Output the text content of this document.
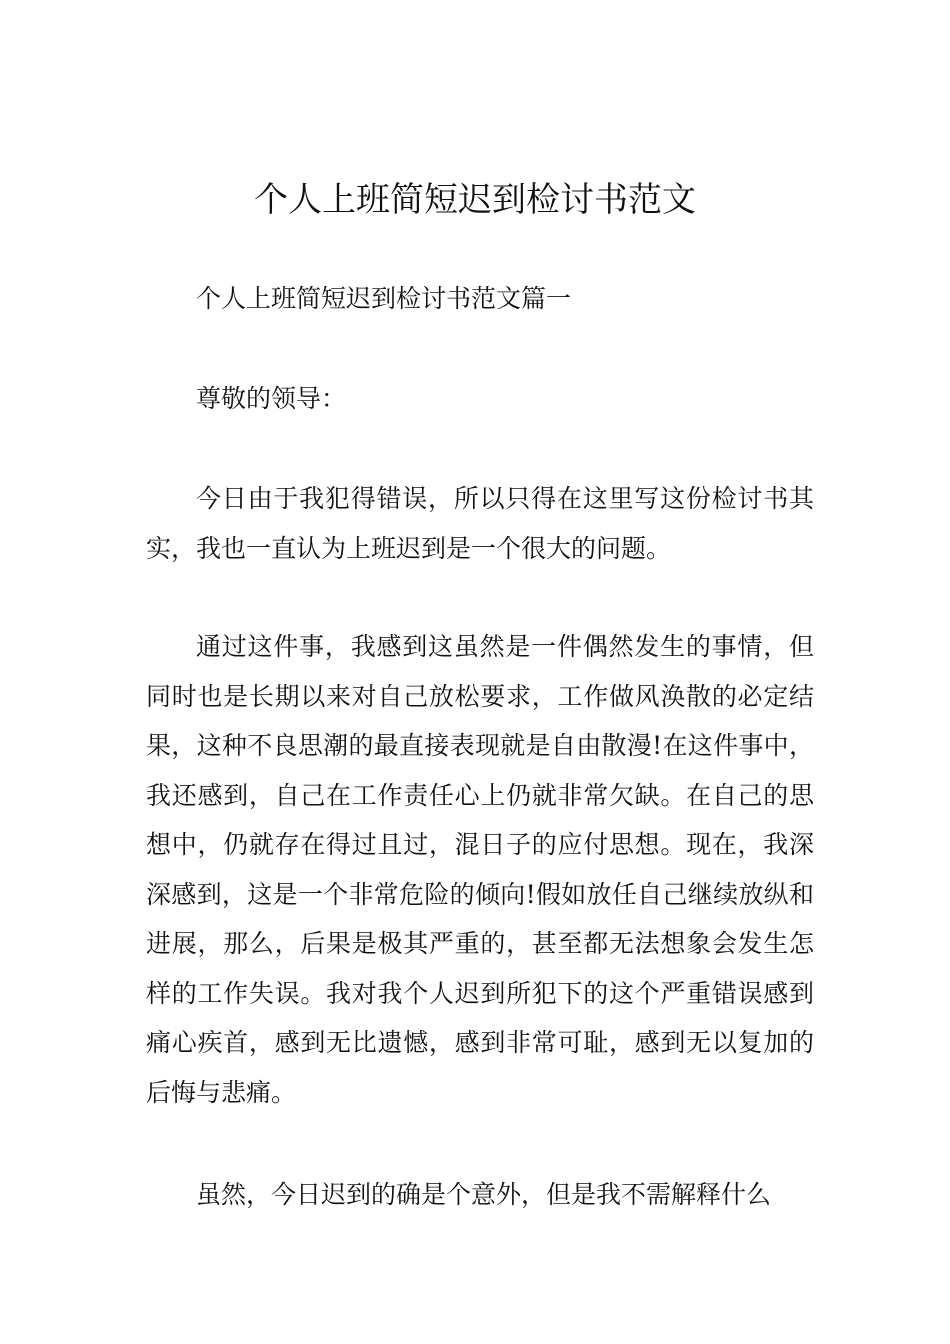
个人上班简短迟到检讨书范文

个人上班简短迟到检讨书范文篇一

尊敬的领导：

今日由于我犯得错误，所以只得在这里写这份检讨书其实，我也一直认为上班迟到是一个很大的问题。

通过这件事，我感到这虽然是一件偶然发生的事情，但同时也是长期以来对自己放松要求，工作做风涣散的必定结果，这种不良思潮的最直接表现就是自由散漫!在这件事中，我还感到，自己在工作责任心上仍就非常欠缺。在自己的思想中，仍就存在得过且过，混日子的应付思想。现在，我深深感到，这是一个非常危险的倾向!假如放任自己继续放纵和进展，那么，后果是极其严重的，甚至都无法想象会发生怎样的工作失误。我对我个人迟到所犯下的这个严重错误感到痛心疾首，感到无比遗憾，感到非常可耻，感到无以复加的后悔与悲痛。

虽然，今日迟到的确是个意外，但是我不需解释什么
